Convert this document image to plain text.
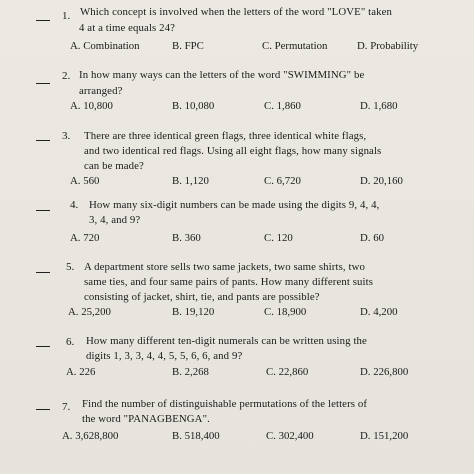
1. Which concept is involved when the letters of the word "LOVE" taken
4 at a time equals 24?
A. Combination	B. FPC	C. Permutation	D. Probability
2. In how many ways can the letters of the word "SWIMMING" be
arranged?
A. 10,800	B. 10,080	C. 1,860	D. 1,680
3. There are three identical green flags, three identical white flags,
and two identical red flags. Using all eight flags, how many signals
can be made?
A. 560	B. 1,120	C. 6,720	D. 20,160
4. How many six-digit numbers can be made using the digits 9, 4, 4,
3, 4, and 9?
A. 720	B. 360	C. 120	D. 60
5. A department store sells two same jackets, two same shirts, two
same ties, and four same pairs of pants. How many different suits
consisting of jacket, shirt, tie, and pants are possible?
A. 25,200	B. 19,120	C. 18,900	D. 4,200
6. How many different ten-digit numerals can be written using the
digits 1, 3, 3, 4, 4, 5, 5, 6, 6, and 9?
A. 226	B. 2,268	C. 22,860	D. 226,800
7. Find the number of distinguishable permutations of the letters of
the word "PANAGBENGA".
A. 3,628,800	B. 518,400	C. 302,400	D. 151,200
